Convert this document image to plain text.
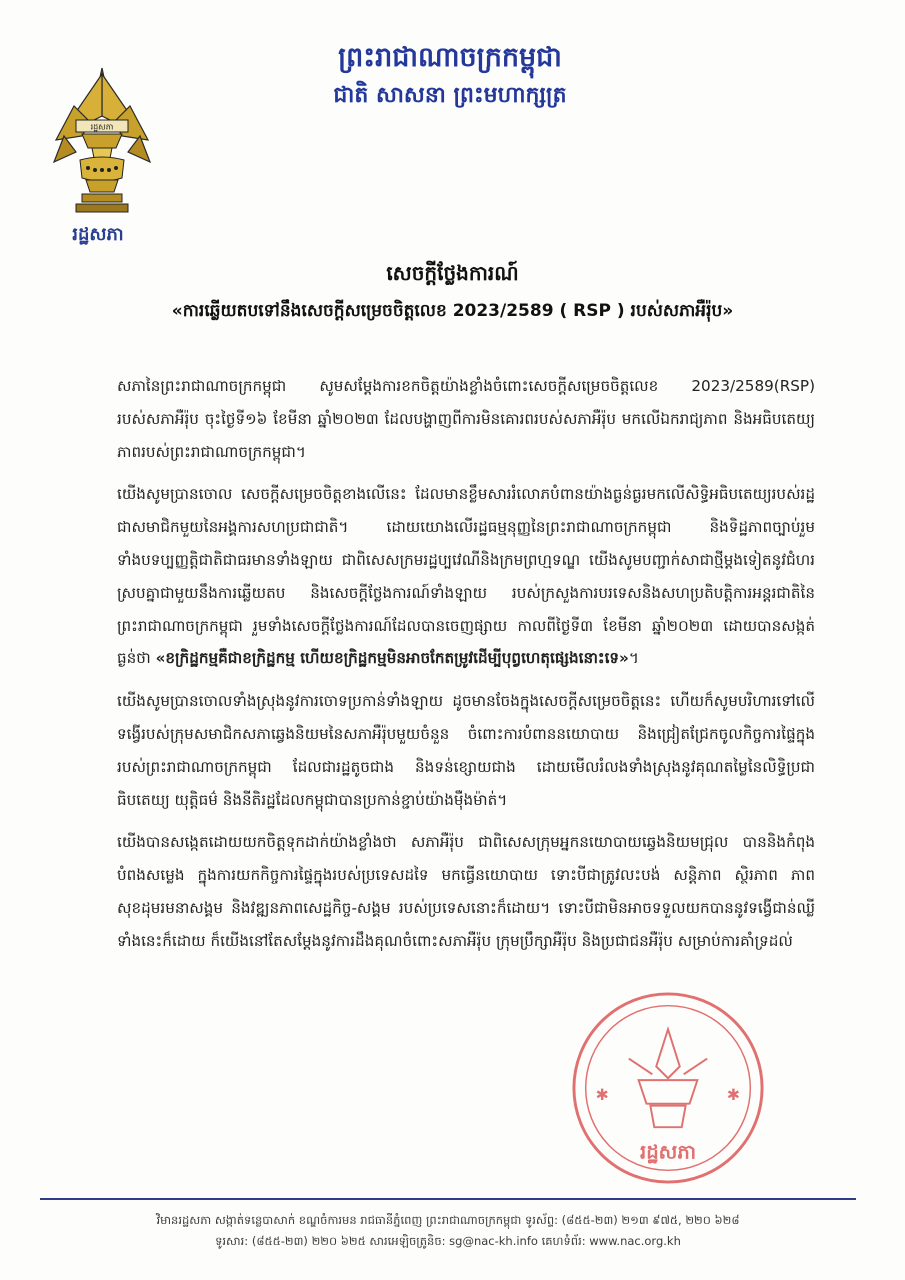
រដ្ឋសភា
រដ្ឋសភា
ព្រះរាជាណាចក្រកម្ពុជា
ជាតិ សាសនា ព្រះមហាក្សត្រ
សេចក្តីថ្លែងការណ៍
«ការឆ្លើយតបទៅនឹងសេចក្តីសម្រេចចិត្តលេខ 2023/2589 ( RSP ) របស់សភាអឺរ៉ុប»

សភានៃព្រះរាជាណាចក្រកម្ពុជា សូមសម្តែងការខកចិត្តយ៉ាងខ្លាំងចំពោះសេចក្តីសម្រេចចិត្តលេខ 2023/2589(RSP) របស់សភាអឺរ៉ុប ចុះថ្ងៃទី១៦ ខែមីនា ឆ្នាំ២០២៣ ដែលបង្ហាញពីការមិនគោរពរបស់សភាអឺរ៉ុប មកលើឯករាជ្យភាព និងអធិបតេយ្យភាពរបស់ព្រះរាជាណាចក្រកម្ពុជា។

យើងសូមប្រានចោល សេចក្តីសម្រេចចិត្តខាងលើនេះ ដែលមានខ្លឹមសាររំលោភបំពានយ៉ាងធ្ងន់ធ្ងរមកលើសិទ្ធិអធិបតេយ្យរបស់រដ្ឋជាសមាជិកមួយនៃអង្គការសហប្រជាជាតិ។ ដោយយោងលើរដ្ឋធម្មនុញ្ញនៃព្រះរាជាណាចក្រកម្ពុជា និងទិដ្ឋភាពច្បាប់រួមទាំងបទប្បញ្ញត្តិជាតិជាធរមានទាំងឡាយ ជាពិសេសក្រមរដ្ឋប្បវេណីនិងក្រមព្រហ្មទណ្ឌ យើងសូមបញ្ជាក់សាជាថ្មីម្តងទៀតនូវជំហរស្របគ្នាជាមួយនឹងការឆ្លើយតប និងសេចក្តីថ្លែងការណ៍ទាំងឡាយ របស់ក្រសួងការបរទេសនិងសហប្រតិបត្តិការអន្តរជាតិនៃព្រះរាជាណាចក្រកម្ពុជា រួមទាំងសេចក្តីថ្លែងការណ៍ដែលបានចេញផ្សាយ កាលពីថ្ងៃទី៣ ខែមីនា ឆ្នាំ២០២៣ ដោយបានសង្កត់ធ្ងន់ថា «ខក្រិដ្ឋកម្មគឺជាខក្រិដ្ឋកម្ម ហើយខក្រិដ្ឋកម្មមិនអាចកែតម្រូវដើម្បីបុព្វហេតុផ្សេងនោះទេ»។

យើងសូមប្រានចោលទាំងស្រុងនូវការចោទប្រកាន់ទាំងឡាយ ដូចមានចែងក្នុងសេចក្តីសម្រេចចិត្តនេះ ហើយក៏សូមបរិហារទៅលើទង្វើរបស់ក្រុមសមាជិកសភាឆ្វេងនិយមនៃសភាអឺរ៉ុបមួយចំនួន ចំពោះការបំពាននយោបាយ និងជ្រៀតជ្រែកចូលកិច្ចការផ្ទៃក្នុងរបស់ព្រះរាជាណាចក្រកម្ពុជា ដែលជារដ្ឋតូចជាង និងទន់ខ្សោយជាង ដោយមើលរំលងទាំងស្រុងនូវគុណតម្លៃនៃលិទ្ធិប្រជាធិបតេយ្យ យុត្តិធម៌ និងនីតិរដ្ឋដែលកម្ពុជាបានប្រកាន់ខ្ជាប់យ៉ាងម៉ឺងម៉ាត់។

យើងបានសង្កេតដោយយកចិត្តទុកដាក់យ៉ាងខ្លាំងថា សភាអឺរ៉ុប ជាពិសេសក្រុមអ្នកនយោបាយឆ្វេងនិយមជ្រុល បាននិងកំពុងបំពងសម្លេង ក្នុងការយកកិច្ចការផ្ទៃក្នុងរបស់ប្រទេសដទៃ មកធ្វើនយោបាយ ទោះបីជាត្រូវលះបង់ សន្តិភាព ស្ថិរភាព ភាពសុខដុមរមនាសង្គម និងវឌ្ឍនភាពសេដ្ឋកិច្ច-សង្គម របស់ប្រទេសនោះក៏ដោយ។ ទោះបីជាមិនអាចទទួលយកបាននូវទង្វើជាន់ឈ្លីទាំងនេះក៏ដោយ ក៏យើងនៅតែសម្តែងនូវការដឹងគុណចំពោះសភាអឺរ៉ុប ក្រុមប្រឹក្សាអឺរ៉ុប និងប្រជាជនអឺរ៉ុប សម្រាប់ការគាំទ្រដល់

✱	✱
រដ្ឋសភា
វិមានរដ្ឋសភា សង្កាត់ទន្លេបាសាក់ ខណ្ឌចំការមន រាជធានីភ្នំពេញ ព្រះរាជាណាចក្រកម្ពុជា ទូរស័ព្ទ: (៨៥៥-២៣) ២១៣ ៩៧៥, ២២០ ៦២៨
ទូរសារ: (៨៥៥-២៣) ២២០ ៦២៥ សារអេឡិចត្រូនិច: sg@nac-kh.info គេហទំព័រ: www.nac.org.kh
